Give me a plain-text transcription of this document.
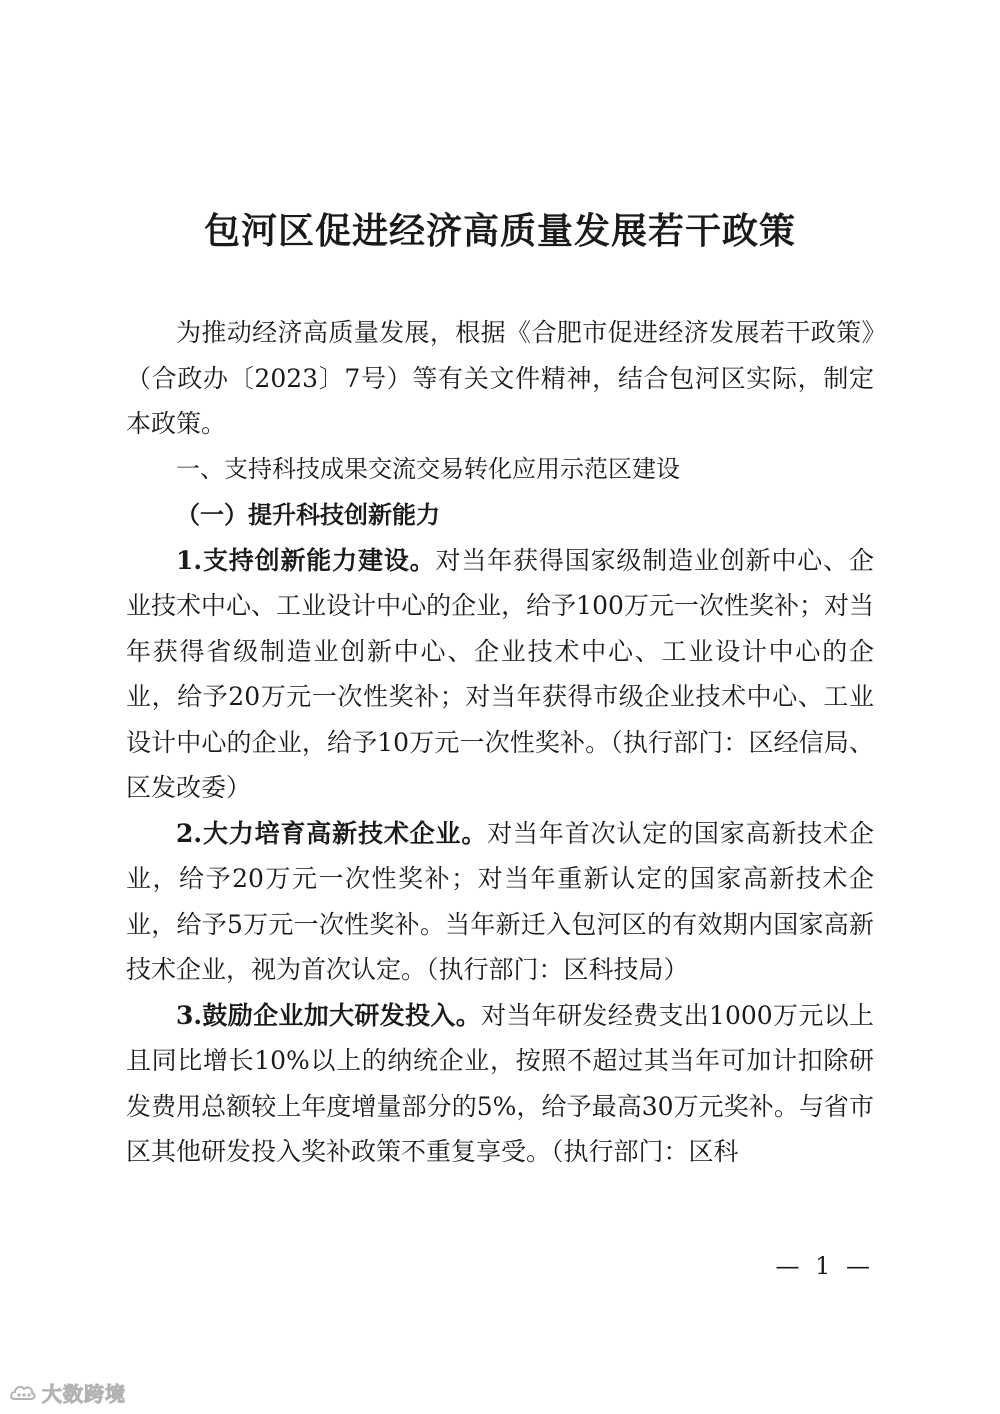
包河区促进经济高质量发展若干政策

为推动经济高质量发展，根据《合肥市促进经济发展若干政策》（合政办〔2023〕7号）等有关文件精神，结合包河区实际，制定本政策。

一、支持科技成果交流交易转化应用示范区建设

（一）提升科技创新能力

1.支持创新能力建设。对当年获得国家级制造业创新中心、企业技术中心、工业设计中心的企业，给予100万元一次性奖补；对当年获得省级制造业创新中心、企业技术中心、工业设计中心的企业，给予20万元一次性奖补；对当年获得市级企业技术中心、工业设计中心的企业，给予10万元一次性奖补。（执行部门：区经信局、区发改委）

2.大力培育高新技术企业。对当年首次认定的国家高新技术企业，给予20万元一次性奖补；对当年重新认定的国家高新技术企业，给予5万元一次性奖补。当年新迁入包河区的有效期内国家高新技术企业，视为首次认定。（执行部门：区科技局）

3.鼓励企业加大研发投入。对当年研发经费支出1000万元以上且同比增长10%以上的纳统企业，按照不超过其当年可加计扣除研发费用总额较上年度增量部分的5%，给予最高30万元奖补。与省市区其他研发投入奖补政策不重复享受。（执行部门：区科

— 1 —
大数跨境
